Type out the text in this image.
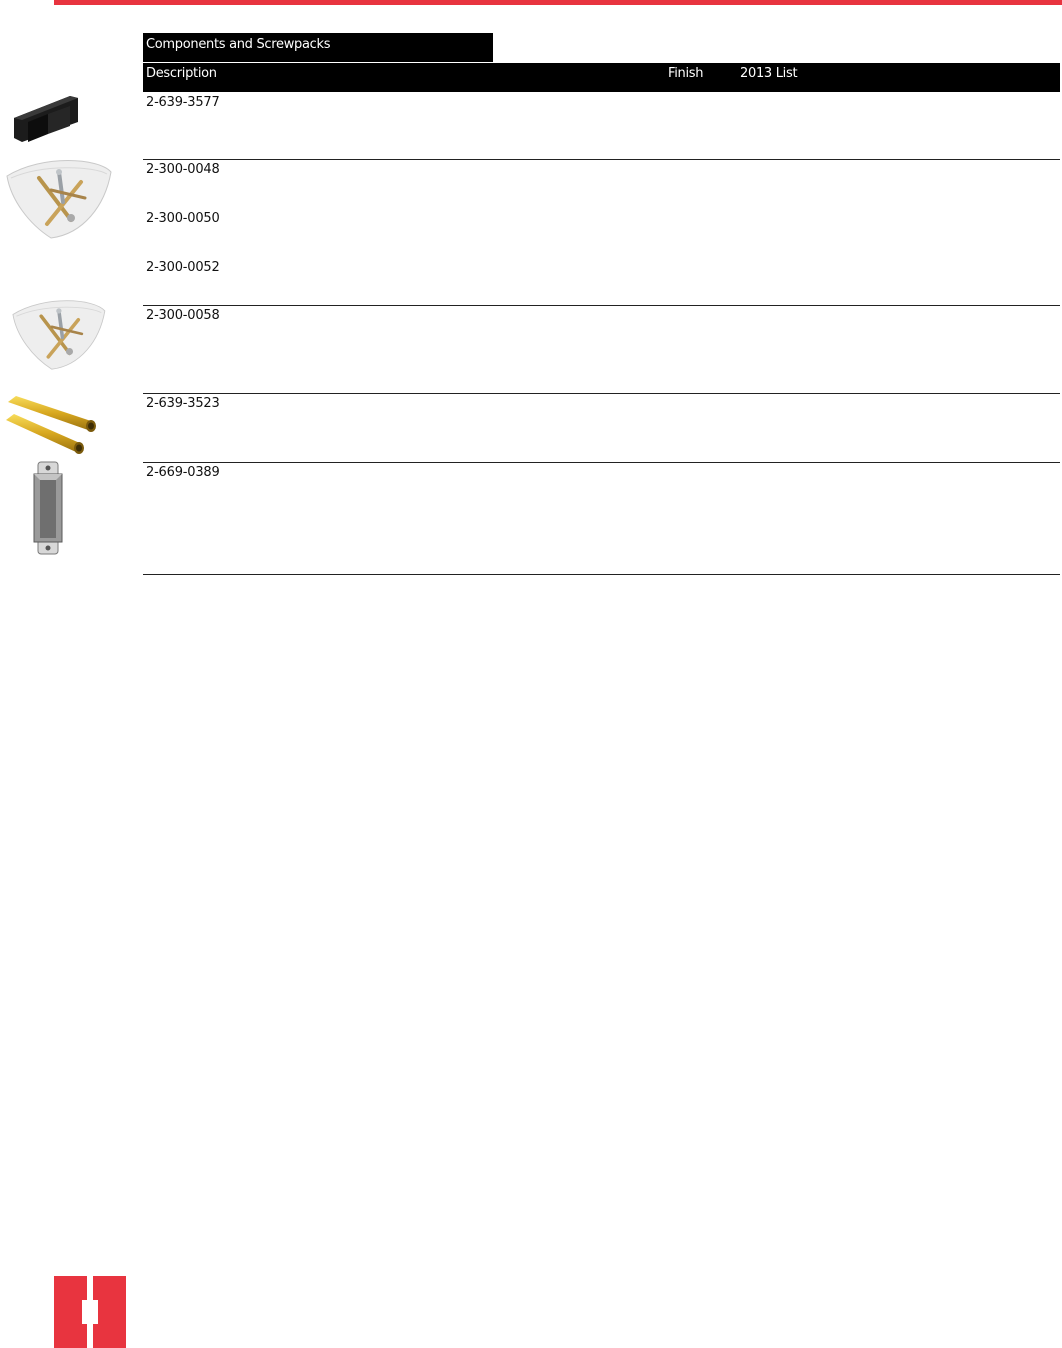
Components and Screwpacks
Description	Finish	2013 List
2-639-3577
2-300-0048
2-300-0050
2-300-0052
2-300-0058
2-639-3523
2-669-0389
